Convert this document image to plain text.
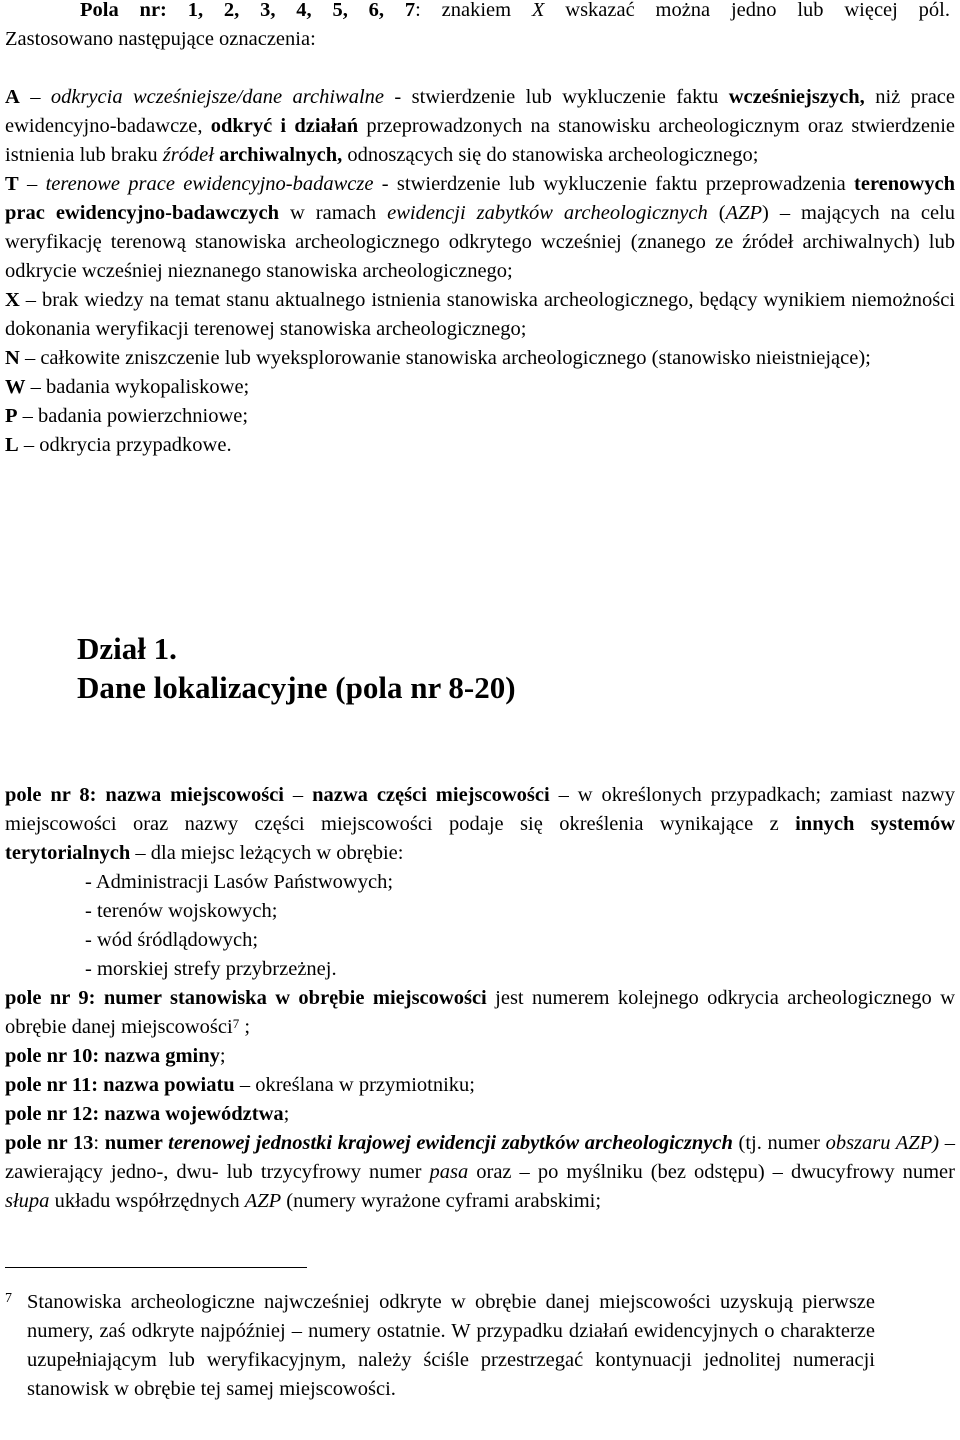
Pola nr: 1, 2, 3, 4, 5, 6, 7: znakiem X wskazać można jedno lub więcej pól.

Zastosowano następujące oznaczenia:

A – odkrycia wcześniejsze/dane archiwalne - stwierdzenie lub wykluczenie faktu wcześniejszych, niż prace ewidencyjno-badawcze, odkryć i działań przeprowadzonych na stanowisku archeologicznym oraz stwierdzenie istnienia lub braku źródeł archiwalnych, odnoszących się do stanowiska archeologicznego;

T – terenowe prace ewidencyjno-badawcze - stwierdzenie lub wykluczenie faktu przeprowadzenia terenowych prac ewidencyjno-badawczych w ramach ewidencji zabytków archeologicznych (AZP) – mających na celu weryfikację terenową stanowiska archeologicznego odkrytego wcześniej (znanego ze źródeł archiwalnych) lub odkrycie wcześniej nieznanego stanowiska archeologicznego;

X – brak wiedzy na temat stanu aktualnego istnienia stanowiska archeologicznego, będący wynikiem niemożności dokonania weryfikacji terenowej stanowiska archeologicznego;

N – całkowite zniszczenie lub wyeksplorowanie stanowiska archeologicznego (stanowisko nieistniejące);

W – badania wykopaliskowe;

P – badania powierzchniowe;

L – odkrycia przypadkowe.

Dział 1.
Dane lokalizacyjne (pola nr 8-20)

pole nr 8: nazwa miejscowości – nazwa części miejscowości – w określonych przypadkach; zamiast nazwy miejscowości oraz nazwy części miejscowości podaje się określenia wynikające z innych systemów terytorialnych – dla miejsc leżących w obrębie:

- Administracji Lasów Państwowych;
- terenów wojskowych;
- wód śródlądowych;
- morskiej strefy przybrzeżnej.

pole nr 9: numer stanowiska w obrębie miejscowości jest numerem kolejnego odkrycia archeologicznego w obrębie danej miejscowości$^7$ ;

pole nr 10: nazwa gminy;

pole nr 11: nazwa powiatu – określana w przymiotniku;

pole nr 12: nazwa województwa;

pole nr 13: numer terenowej jednostki krajowej ewidencji zabytków archeologicznych (tj. numer obszaru AZP) – zawierający jedno-, dwu- lub trzycyfrowy numer pasa oraz – po myślniku (bez odstępu) – dwucyfrowy numer słupa układu współrzędnych AZP (numery wyrażone cyframi arabskimi;

7 Stanowiska archeologiczne najwcześniej odkryte w obrębie danej miejscowości uzyskują pierwsze numery, zaś odkryte najpóźniej – numery ostatnie. W przypadku działań ewidencyjnych o charakterze uzupełniającym lub weryfikacyjnym, należy ściśle przestrzegać kontynuacji jednolitej numeracji stanowisk w obrębie tej samej miejscowości.
